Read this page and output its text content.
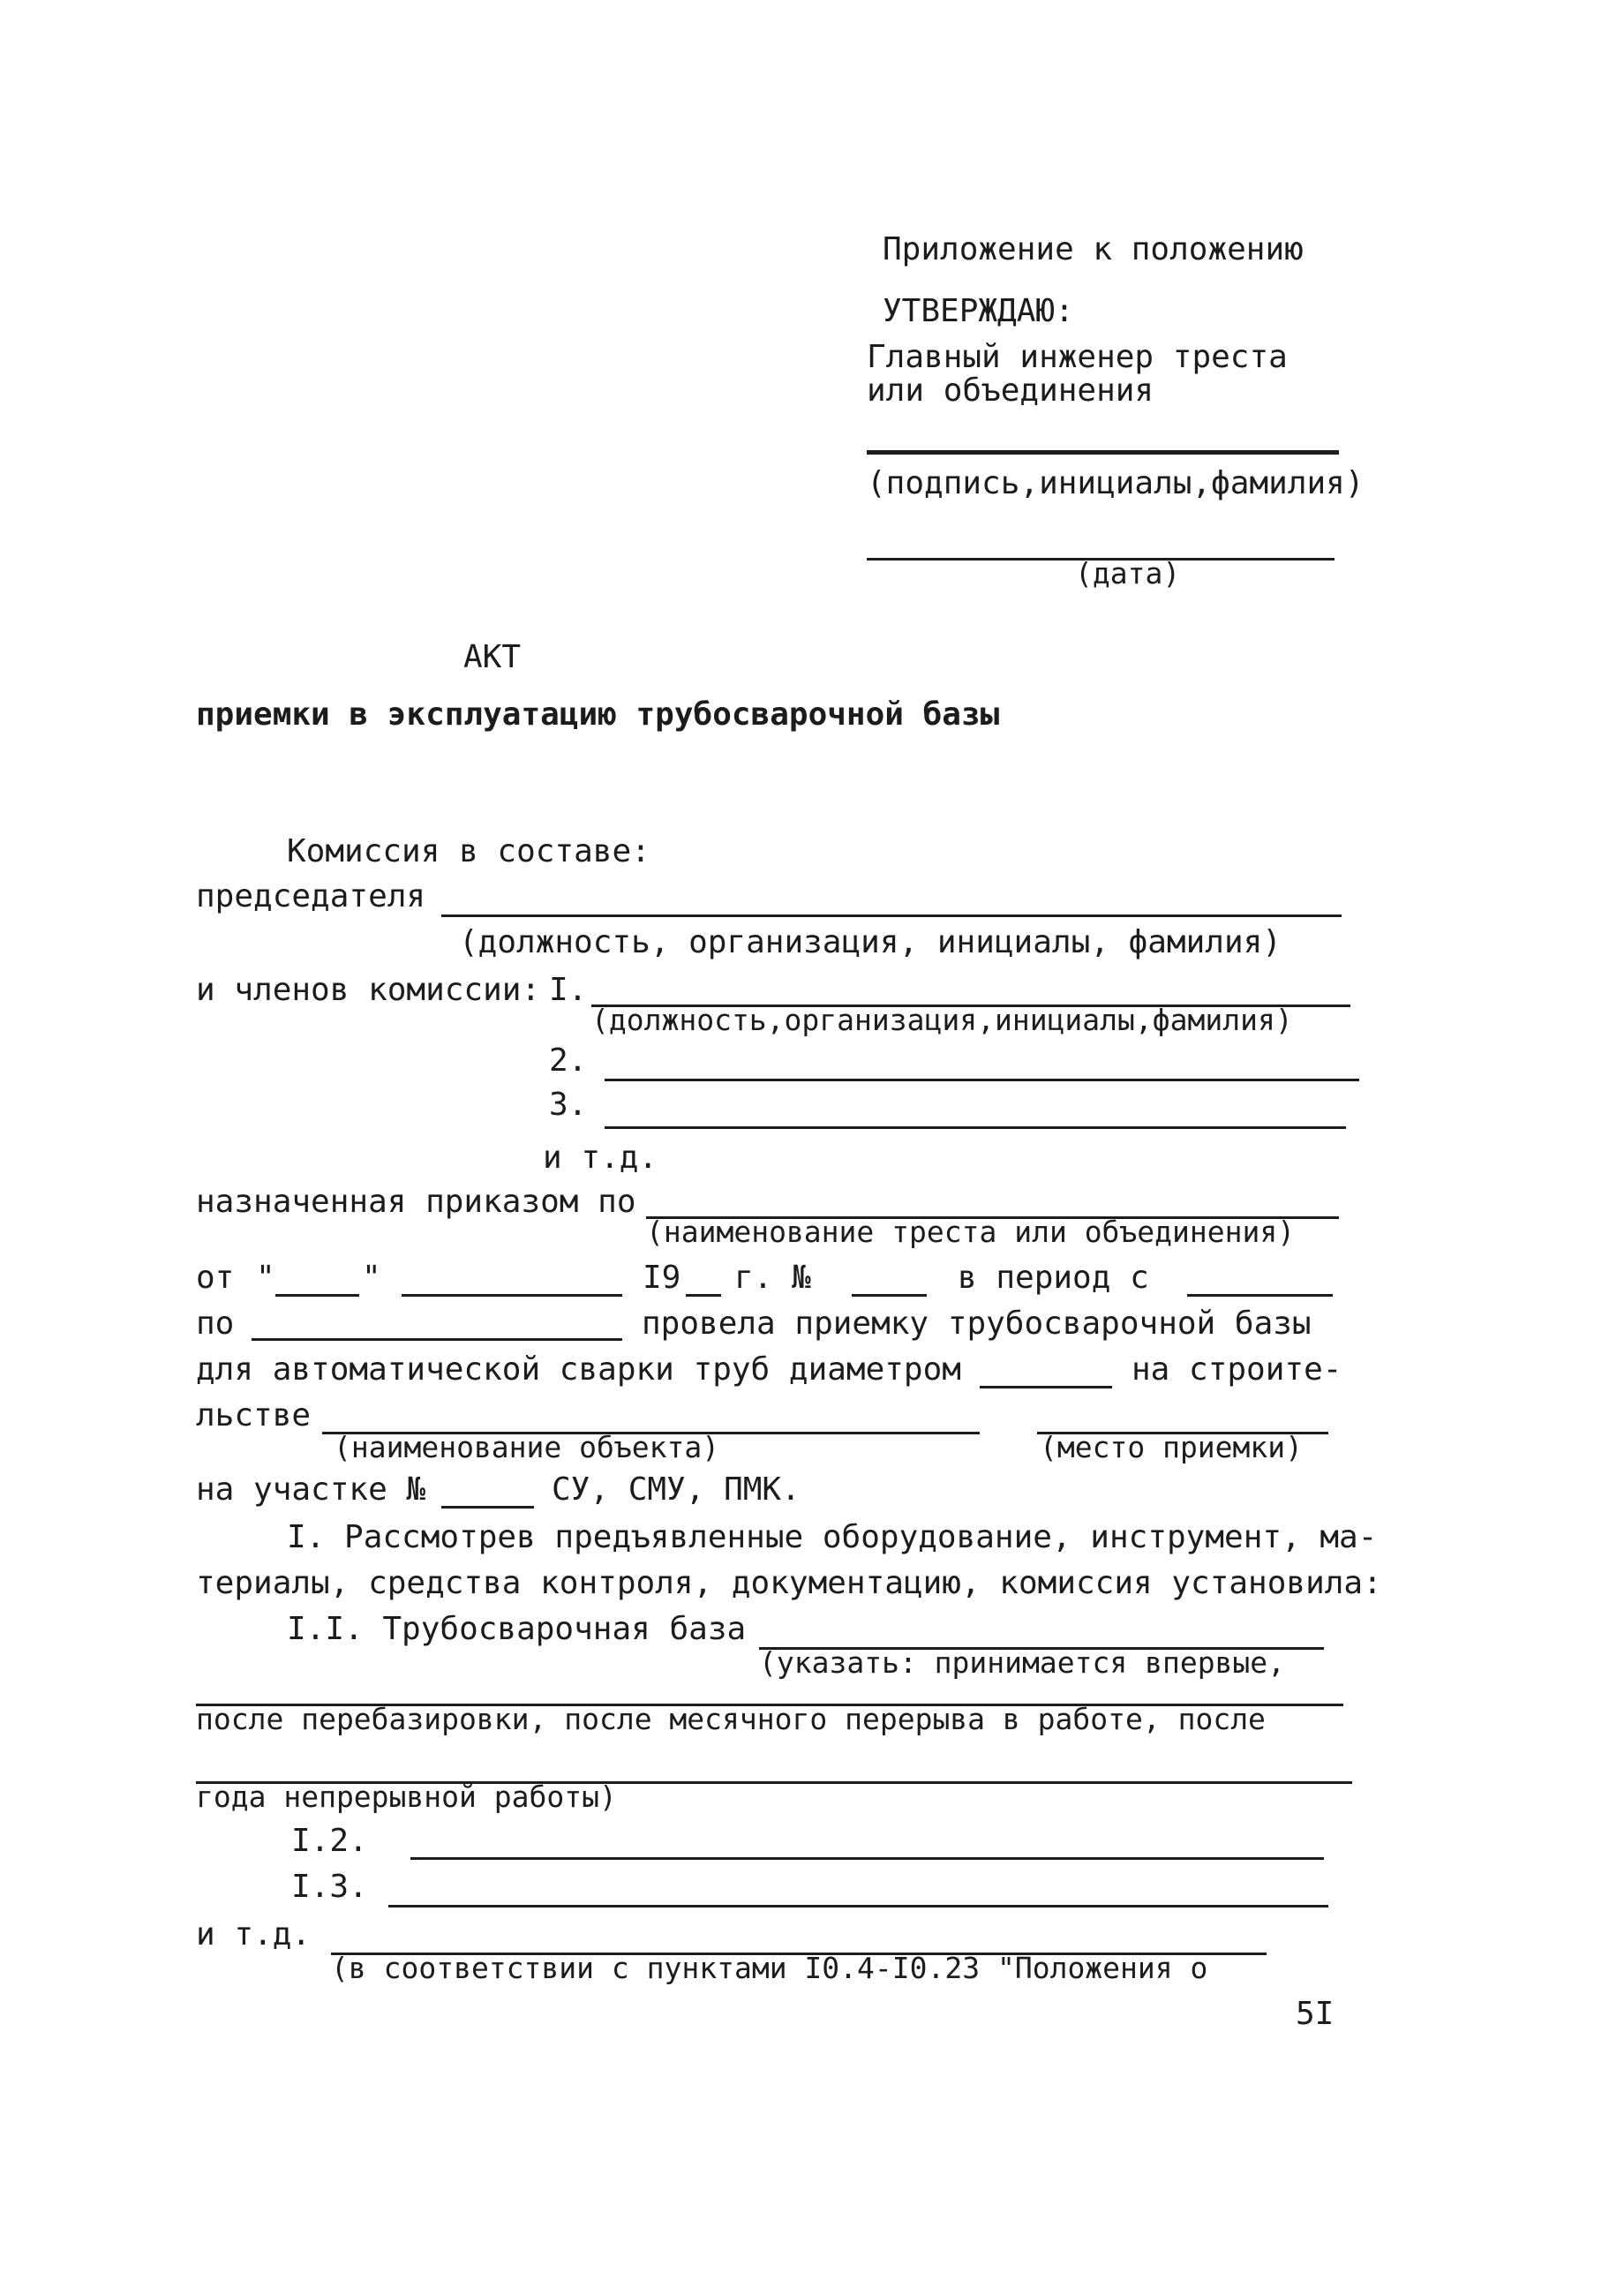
Приложение к положению
УТВЕРЖДАЮ:
Главный инженер треста
или объединения
(подпись,инициалы,фамилия)
(дата)
АКТ
приемки в эксплуатацию трубосварочной базы
Комиссия в составе:
председателя
(должность, организация, инициалы, фамилия)
и членов комиссии: I.
(должность,организация,инициалы,фамилия)
2.
3.
и т.д.
назначенная приказом по
(наименование треста или объединения)
от "	"	I9 г. №	в период с
по	провела приемку трубосварочной базы
для автоматической сварки труб диаметром	на строите-
льстве
(наименование объекта)	(место приемки)
на участке №	СУ, СМУ, ПМК.
I. Рассмотрев предъявленные оборудование, инструмент, ма-
териалы, средства контроля, документацию, комиссия установила:
I.I. Трубосварочная база
(указать: принимается впервые,
после перебазировки, после месячного перерыва в работе, после
года непрерывной работы)
I.2.
I.3.
и т.д.
(в соответствии с пунктами I0.4-I0.23 "Положения о
5I
